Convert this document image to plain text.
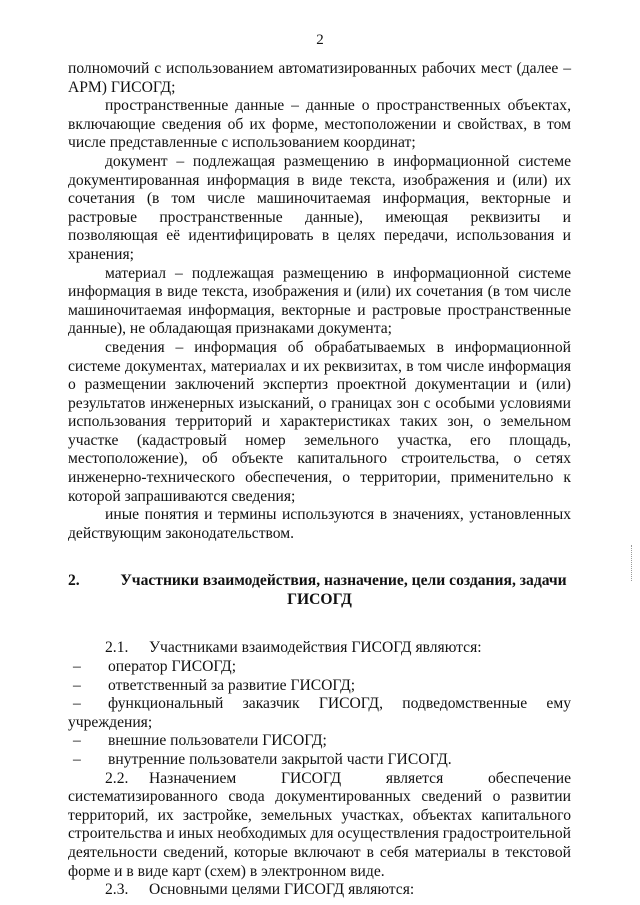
2

полномочий с использованием автоматизированных рабочих мест (далее – АРМ) ГИСОГД;

пространственные данные – данные о пространственных объектах, включающие сведения об их форме, местоположении и свойствах, в том числе представленные с использованием координат;

документ – подлежащая размещению в информационной системе документированная информация в виде текста, изображения и (или) их сочетания (в том числе машиночитаемая информация, векторные и растровые пространственные данные), имеющая реквизиты и позволяющая её идентифицировать в целях передачи, использования и хранения;

материал – подлежащая размещению в информационной системе информация в виде текста, изображения и (или) их сочетания (в том числе машиночитаемая информация, векторные и растровые пространственные данные), не обладающая признаками документа;

сведения – информация об обрабатываемых в информационной системе документах, материалах и их реквизитах, в том числе информация о размещении заключений экспертиз проектной документации и (или) результатов инженерных изысканий, о границах зон с особыми условиями использования территорий и характеристиках таких зон, о земельном участке (кадастровый номер земельного участка, его площадь, местоположение), об объекте капитального строительства, о сетях инженерно-технического обеспечения, о территории, применительно к которой запрашиваются сведения;

иные понятия и термины используются в значениях, установленных действующим законодательством.

2.	Участники взаимодействия, назначение, цели создания, задачи
ГИСОГД

2.1. Участниками взаимодействия ГИСОГД являются:

–	оператор ГИСОГД;
–	ответственный за развитие ГИСОГД;

– функциональный заказчик ГИСОГД, подведомственные ему учреждения;

–	внешние пользователи ГИСОГД;
–	внутренние пользователи закрытой части ГИСОГД.

2.2. Назначением ГИСОГД является обеспечение систематизированного свода документированных сведений о развитии территорий, их застройке, земельных участках, объектах капитального строительства и иных необходимых для осуществления градостроительной деятельности сведений, которые включают в себя материалы в текстовой форме и в виде карт (схем) в электронном виде.

2.3. Основными целями ГИСОГД являются:
